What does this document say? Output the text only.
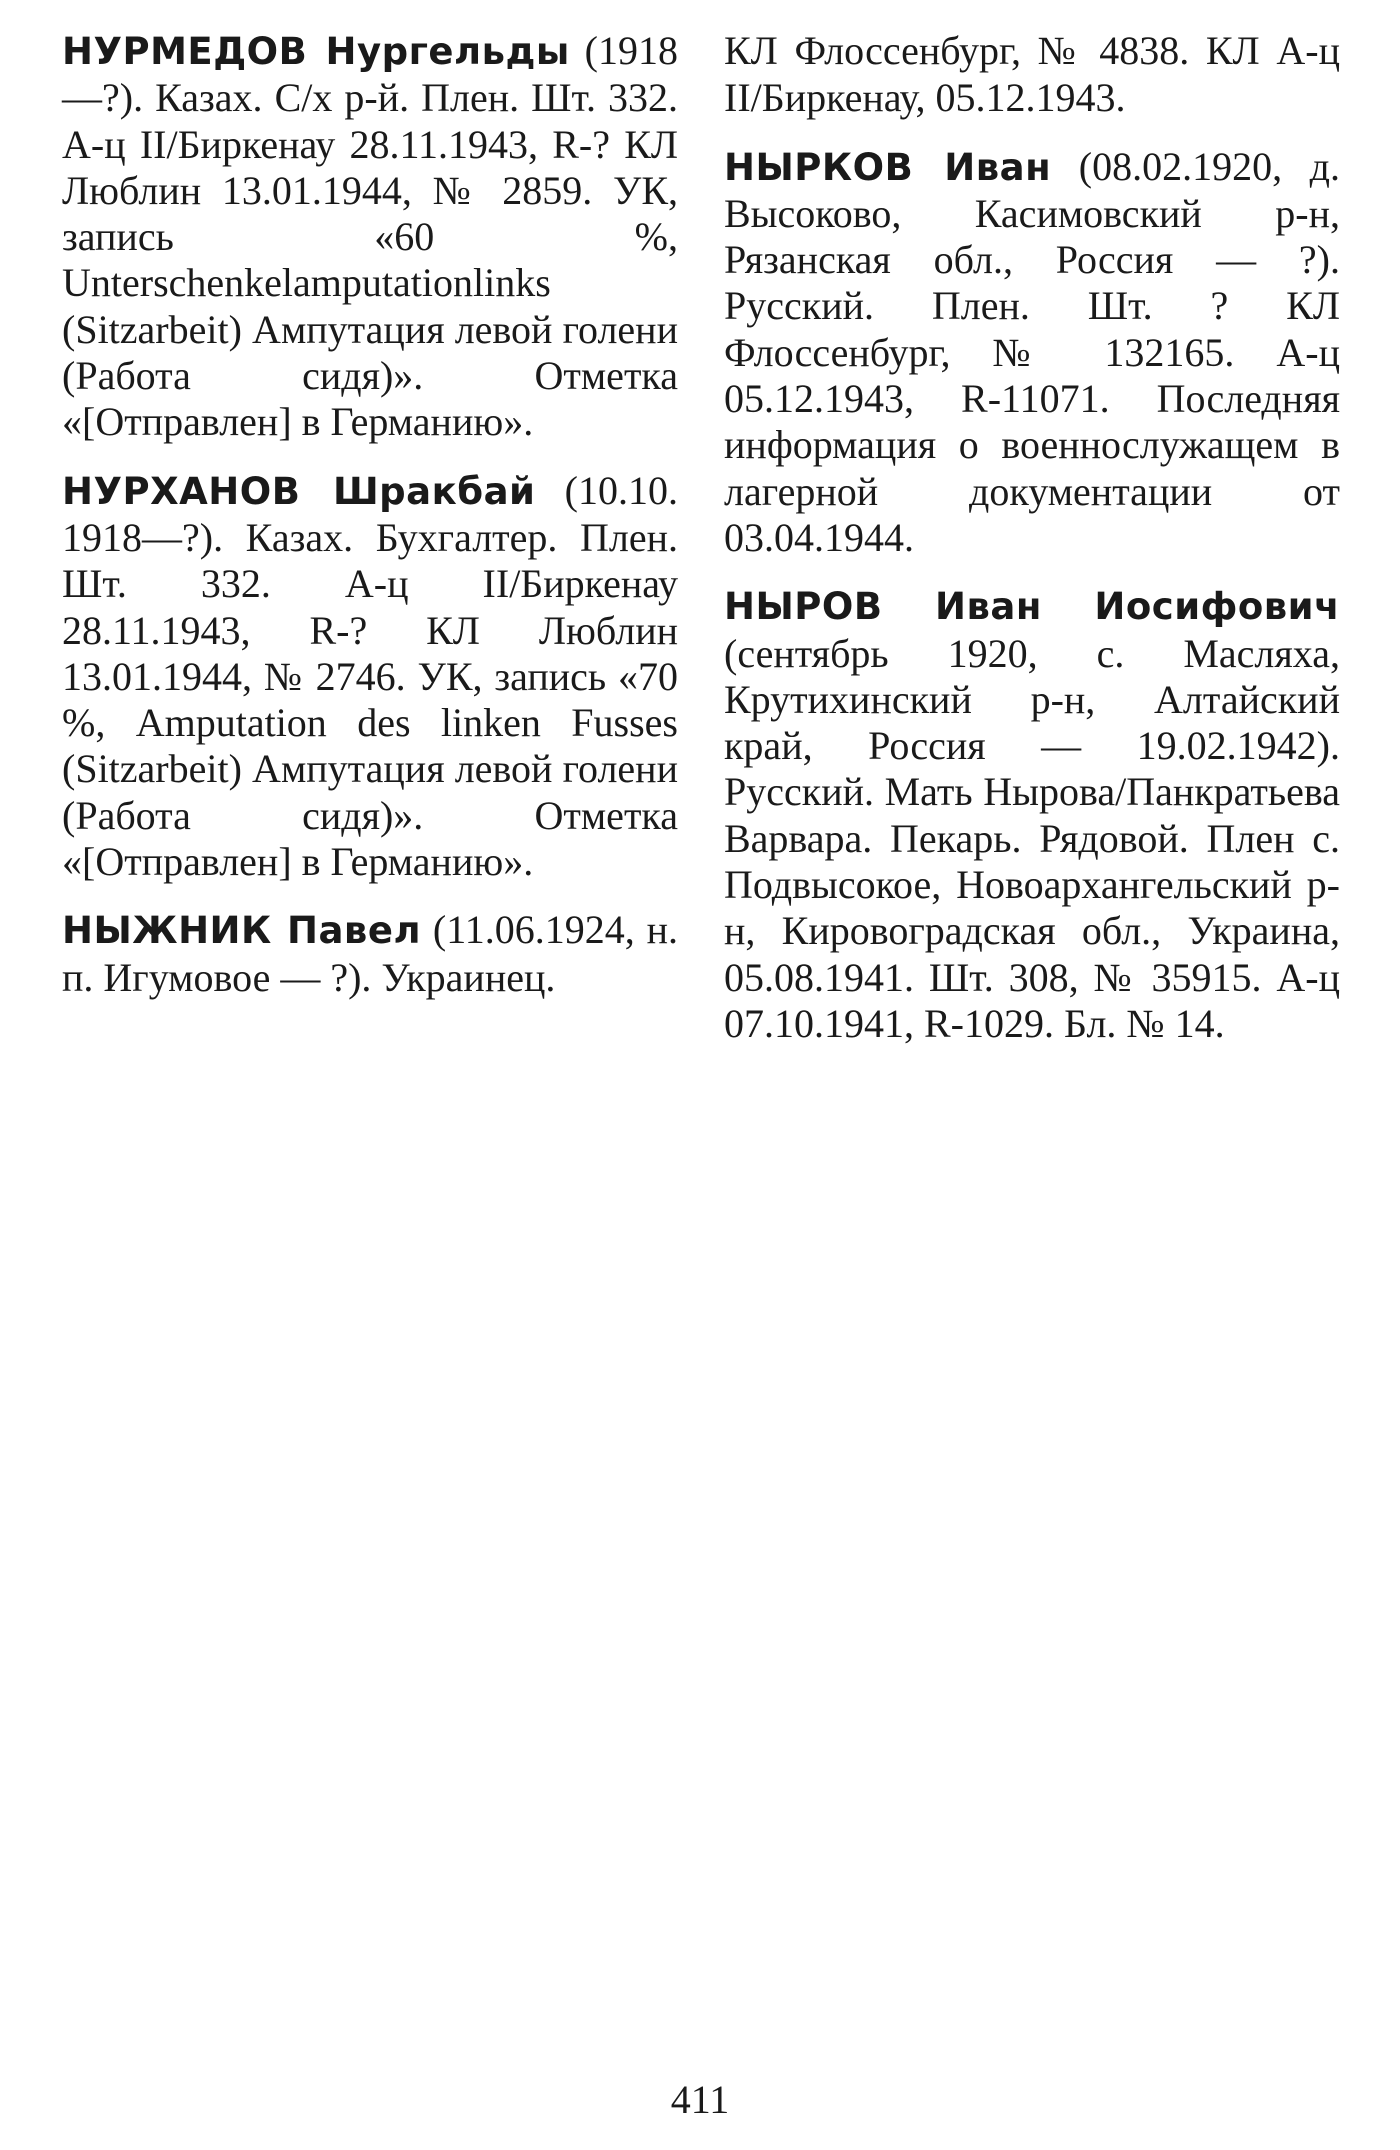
НУРМЕДОВ Нургельды (1918—?). Казах. С/х р-й. Плен. Шт. 332. А-ц II/Биркенау 28.11.1943, R-? КЛ Люблин 13.01.1944, № 2859. УК, запись «60 %, Unterschenkelamputationlinks (Sitzarbeit) Ампутация левой голени (Работа сидя)». Отметка «[Отправлен] в Германию».

НУРХАНОВ Шракбай (10.10. 1918—?). Казах. Бухгалтер. Плен. Шт. 332. А-ц II/Биркенау 28.11.1943, R-? КЛ Люблин 13.01.1944, № 2746. УК, запись «70 %, Amputation des linken Fusses (Sitzarbeit) Ампутация левой голени (Работа сидя)». Отметка «[Отправлен] в Германию».

НЫЖНИК Павел (11.06.1924, н. п. Игумовое — ?). Украинец.

КЛ Флоссенбург, № 4838. КЛ А-ц II/Биркенау, 05.12.1943.

НЫРКОВ Иван (08.02.1920, д. Высоково, Касимовский р-н, Рязанская обл., Россия — ?). Русский. Плен. Шт. ? КЛ Флоссенбург, № 132165. А-ц 05.12.1943, R-11071. Последняя информация о военнослужащем в лагерной документации от 03.04.1944.

НЫРОВ Иван Иосифович (сентябрь 1920, с. Масляха, Крутихинский р-н, Алтайский край, Россия — 19.02.1942). Русский. Мать Нырова/Панкратьева Варвара. Пекарь. Рядовой. Плен с. Подвысокое, Новоархангельский р-н, Кировоградская обл., Украина, 05.08.1941. Шт. 308, № 35915. А-ц 07.10.1941, R-1029. Бл. № 14.

411
